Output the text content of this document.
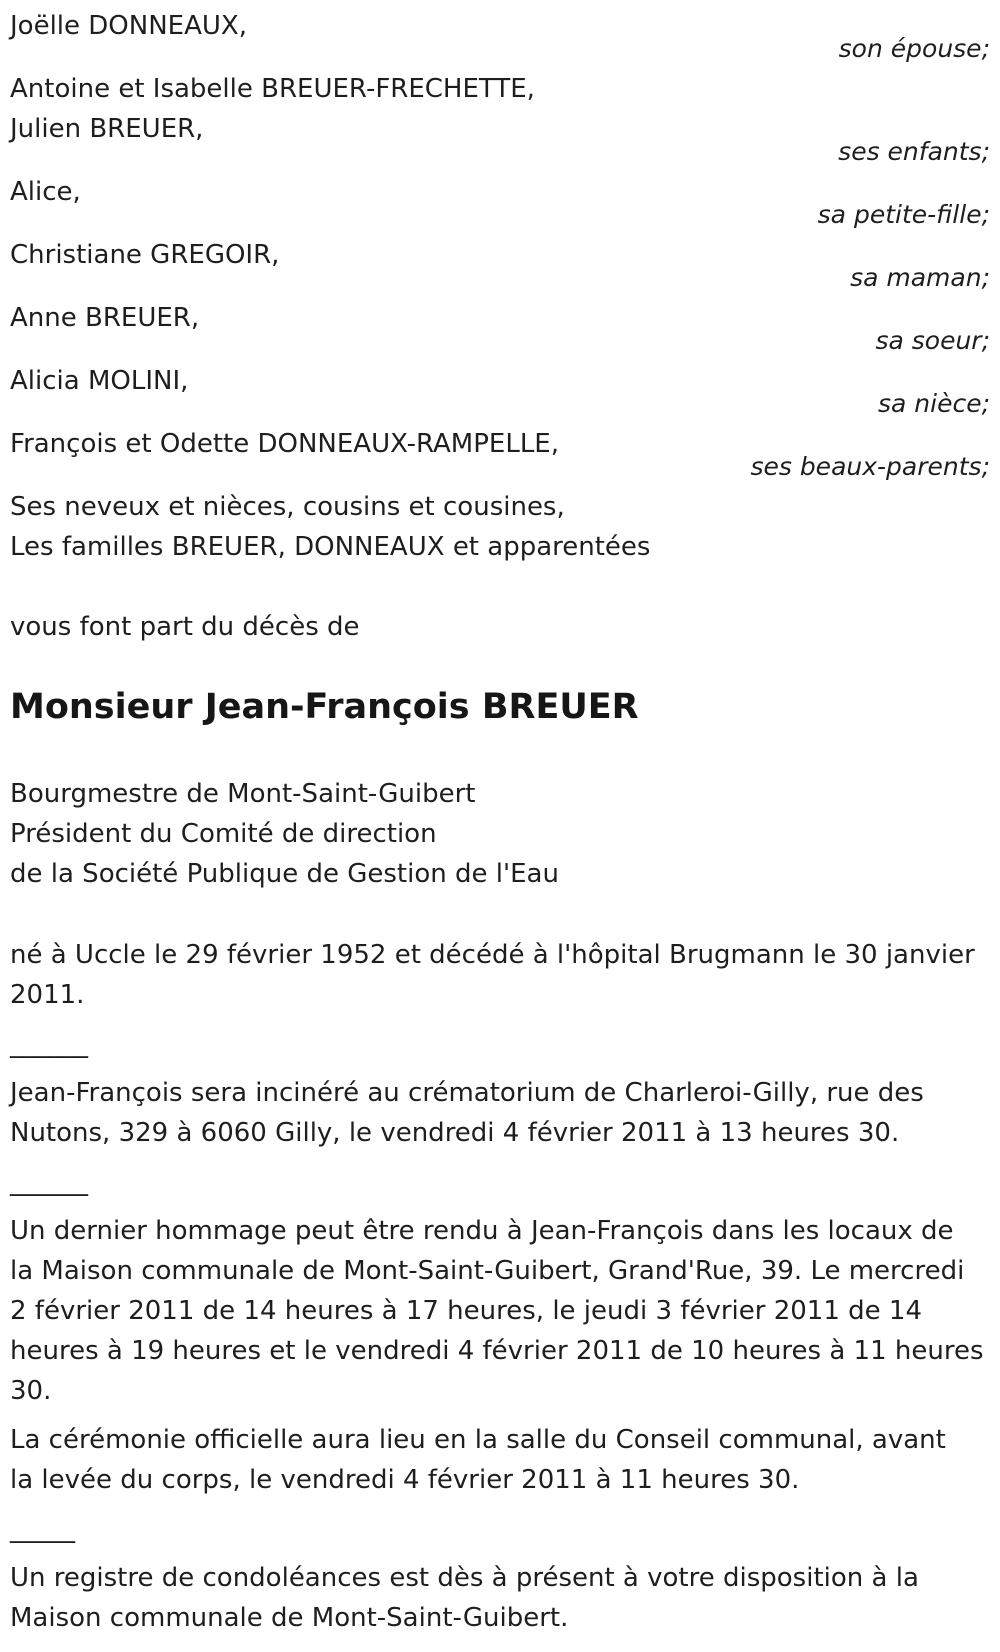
Joëlle DONNEAUX,
son épouse;
Antoine et Isabelle BREUER-FRECHETTE,
Julien BREUER,
ses enfants;
Alice,
sa petite-fille;
Christiane GREGOIR,
sa maman;
Anne BREUER,
sa soeur;
Alicia MOLINI,
sa nièce;
François et Odette DONNEAUX-RAMPELLE,
ses beaux-parents;
Ses neveux et nièces, cousins et cousines,
Les familles BREUER, DONNEAUX et apparentées
vous font part du décès de
Monsieur Jean-François BREUER
Bourgmestre de Mont-Saint-Guibert
Président du Comité de direction
de la Société Publique de Gestion de l'Eau
né à Uccle le 29 février 1952 et décédé à l'hôpital Brugmann le 30 janvier
2011.
______
Jean-François sera incinéré au crématorium de Charleroi-Gilly, rue des
Nutons, 329 à 6060 Gilly, le vendredi 4 février 2011 à 13 heures 30.
______
Un dernier hommage peut être rendu à Jean-François dans les locaux de
la Maison communale de Mont-Saint-Guibert, Grand'Rue, 39. Le mercredi
2 février 2011 de 14 heures à 17 heures, le jeudi 3 février 2011 de 14
heures à 19 heures et le vendredi 4 février 2011 de 10 heures à 11 heures
30.
La cérémonie officielle aura lieu en la salle du Conseil communal, avant
la levée du corps, le vendredi 4 février 2011 à 11 heures 30.
_____
Un registre de condoléances est dès à présent à votre disposition à la
Maison communale de Mont-Saint-Guibert.
